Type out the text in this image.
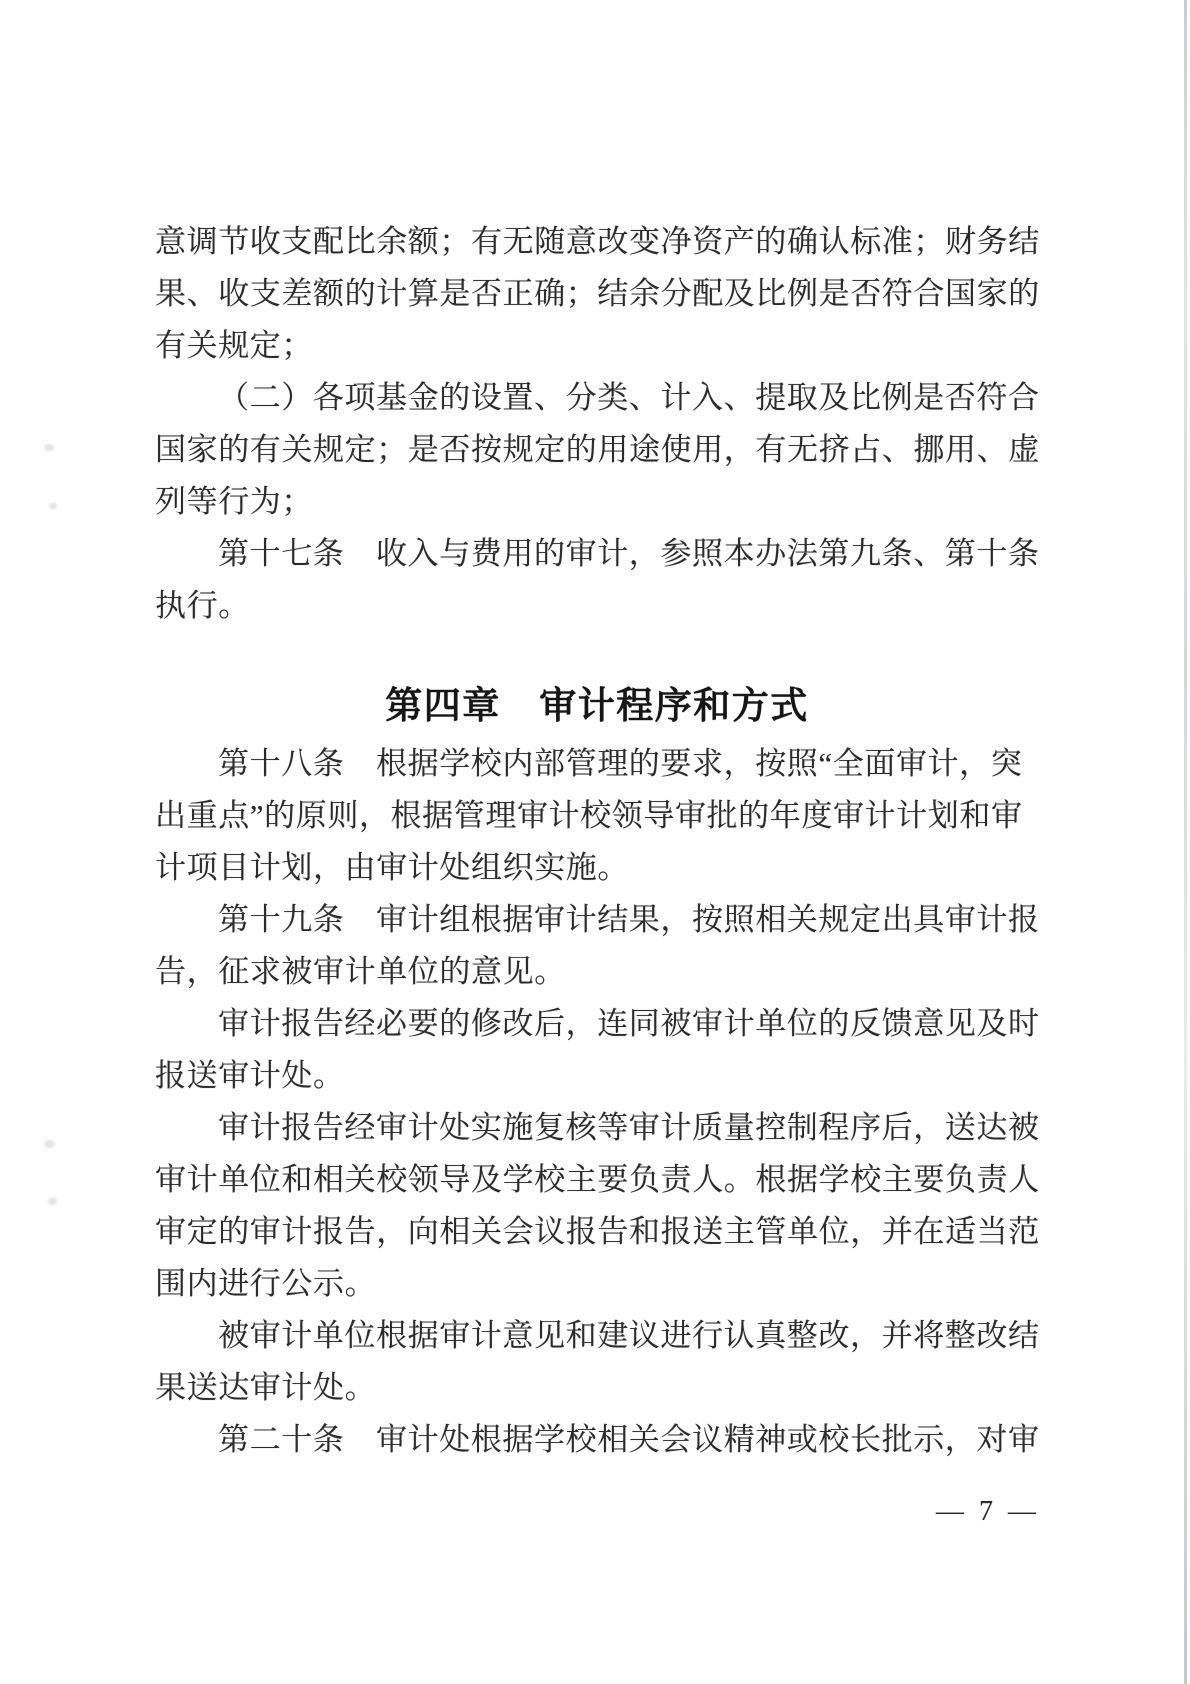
意调节收支配比余额；有无随意改变净资产的确认标准；财务结
果、收支差额的计算是否正确；结余分配及比例是否符合国家的
有关规定；
（二）各项基金的设置、分类、计入、提取及比例是否符合
国家的有关规定；是否按规定的用途使用，有无挤占、挪用、虚
列等行为；
第十七条　收入与费用的审计，参照本办法第九条、第十条
执行。
第四章　审计程序和方式
第十八条　根据学校内部管理的要求，按照“全面审计，突
出重点”的原则，根据管理审计校领导审批的年度审计计划和审
计项目计划，由审计处组织实施。
第十九条　审计组根据审计结果，按照相关规定出具审计报
告，征求被审计单位的意见。
审计报告经必要的修改后，连同被审计单位的反馈意见及时
报送审计处。
审计报告经审计处实施复核等审计质量控制程序后，送达被
审计单位和相关校领导及学校主要负责人。根据学校主要负责人
审定的审计报告，向相关会议报告和报送主管单位，并在适当范
围内进行公示。
被审计单位根据审计意见和建议进行认真整改，并将整改结
果送达审计处。
第二十条　审计处根据学校相关会议精神或校长批示，对审
— 7 —
